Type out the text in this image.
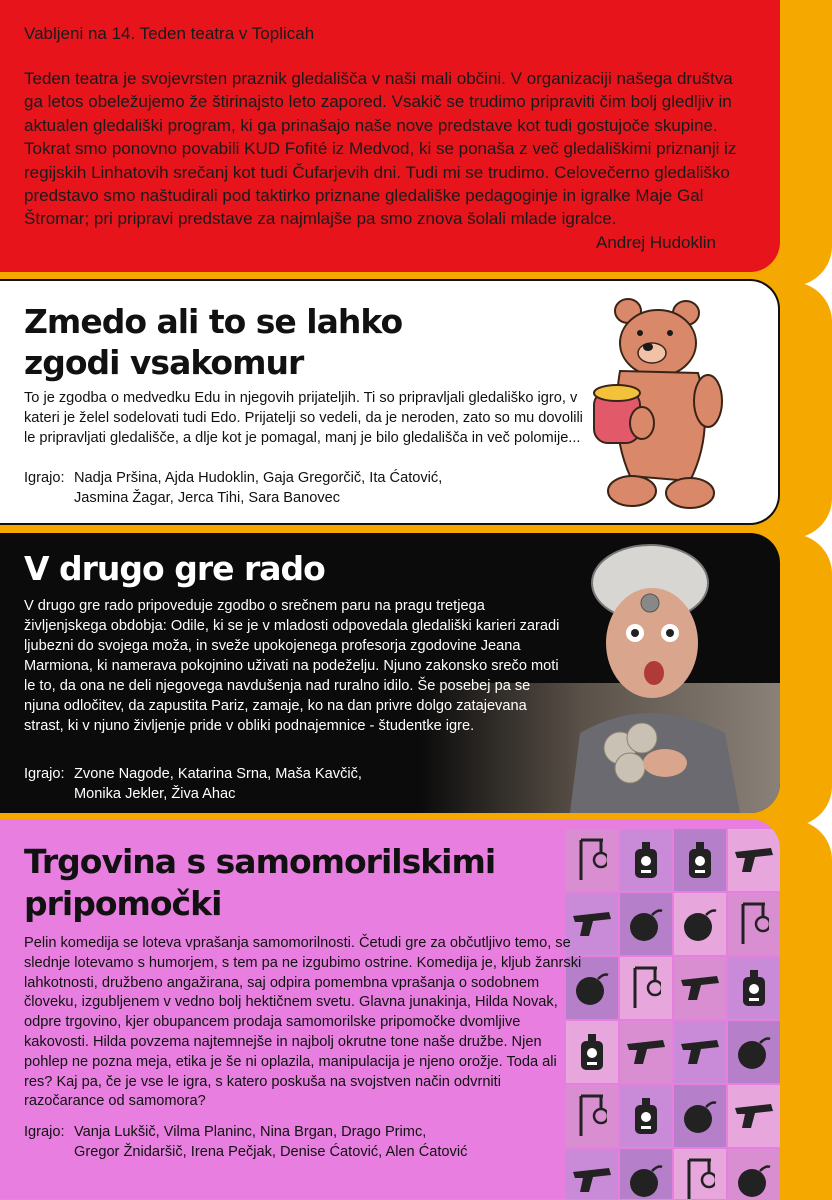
Vabljeni na 14. Teden teatra v Toplicah

Teden teatra je svojevrsten praznik gledališča v naši mali občini. V organizaciji našega društva ga letos obeležujemo že štirinajsto leto zapored. Vsakič se trudimo pripraviti čim bolj gledljiv in aktualen gledališki program, ki ga prinašajo naše nove predstave kot tudi gostujoče skupine. Tokrat smo ponovno povabili KUD Fofité iz Medvod, ki se ponaša z več gledališkimi priznanji iz regijskih Linhatovih srečanj kot tudi Čufarjevih dni. Tudi mi se trudimo. Celovečerno gledališko predstavo smo naštudirali pod taktirko priznane gledališke pedagoginje in igralke Maje Gal Štromar; pri pripravi predstave za najmlajše pa smo znova šolali mlade igralce.

Andrej Hudoklin
Zmedo ali to se lahko
zgodi vsakomur

To je zgodba o medvedku Edu in njegovih prijateljih. Ti so pripravljali gledališko igro, v kateri je želel sodelovati tudi Edo. Prijatelji so vedeli, da je neroden, zato so mu dovolili le pripravljati gledališče, a dlje kot je pomagal, manj je bilo gledališča in več polomije...

Igrajo: Nadja Pršina, Ajda Hudoklin, Gaja Gregorčič, Ita Ćatović,
Jasmina Žagar, Jerca Tihi, Sara Banovec
V drugo gre rado

V drugo gre rado pripoveduje zgodbo o srečnem paru na pragu tretjega življenjskega obdobja: Odile, ki se je v mladosti odpovedala gledališki karieri zaradi ljubezni do svojega moža, in sveže upokojenega profesorja zgodovine Jeana Marmiona, ki namerava pokojnino uživati na podeželju. Njuno zakonsko srečo moti le to, da ona ne deli njegovega navdušenja nad ruralno idilo. Še posebej pa se njuna odločitev, da zapustita Pariz, zamaje, ko na dan privre dolgo zatajevana strast, ki v njuno življenje pride v obliki podnajemnice - študentke igre.

Igrajo: Zvone Nagode, Katarina Srna, Maša Kavčič,
Monika Jekler, Živa Ahac
Trgovina s samomorilskimi
pripomočki

Pelin komedija se loteva vprašanja samomorilnosti. Četudi gre za občutljivo temo, se slednje lotevamo s humorjem, s tem pa ne izgubimo ostrine. Komedija je, kljub žanrski lahkotnosti, družbeno angažirana, saj odpira pomembna vprašanja o sodobnem človeku, izgubljenem v vedno bolj hektičnem svetu. Glavna junakinja, Hilda Novak, odpre trgovino, kjer obupancem prodaja samomorilske pripomočke dvomljive kakovosti. Hilda povzema najtemnejše in najbolj okrutne tone naše družbe. Njen pohlep ne pozna meja, etika je še ni oplazila, manipulacija je njeno orožje. Toda ali res? Kaj pa, če je vse le igra, s katero poskuša na svojstven način odvrniti razočarance od samomora?

Igrajo: Vanja Lukšič, Vilma Planinc, Nina Brgan, Drago Primc,
Gregor Žnidaršič, Irena Pečjak, Denise Ćatović, Alen Ćatović
